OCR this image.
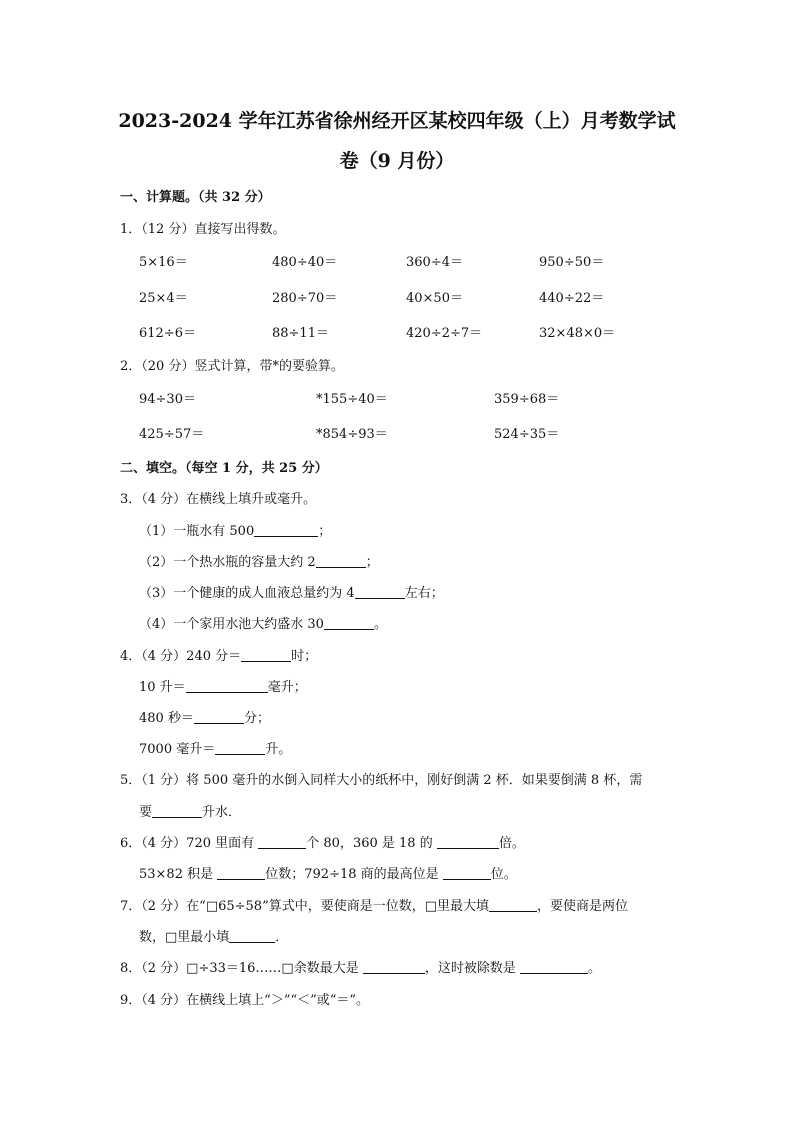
2023-2024 学年江苏省徐州经开区某校四年级（上）月考数学试
卷（9 月份）
一、计算题。（共 32 分）
1．（12 分）直接写出得数。
5×16＝	480÷40＝	360÷4＝	950÷50＝
25×4＝	280÷70＝	40×50＝	440÷22＝
612÷6＝	88÷11＝	420÷2÷7＝	32×48×0＝
2．（20 分）竖式计算，带*的要验算。
94÷30＝	*155÷40＝	359÷68＝
425÷57＝	*854÷93＝	524÷35＝
二、填空。（每空 1 分，共 25 分）
3．（4 分）在横线上填升或毫升。
（1）一瓶水有 500	；
（2）一个热水瓶的容量大约 2	；
（3）一个健康的成人血液总量约为 4	左右；
（4）一个家用水池大约盛水 30	。
4．（4 分）240 分＝	时；
10 升＝	毫升；
480 秒＝	分；
7000 毫升＝	升。
5．（1 分）将 500 毫升的水倒入同样大小的纸杯中，刚好倒满 2 杯．如果要倒满 8 杯，需
要	升水．
6．（4 分）720 里面有	个 80，360 是 18 的	倍。
53×82 积是	位数；792÷18 商的最高位是	位。
7．（2 分）在“□65÷58”算式中，要使商是一位数，□里最大填	，要使商是两位
数，□里最小填	．
8．（2 分）□÷33＝16……□余数最大是	，这时被除数是	。
9．（4 分）在横线上填上“＞”“＜”或“＝”。
